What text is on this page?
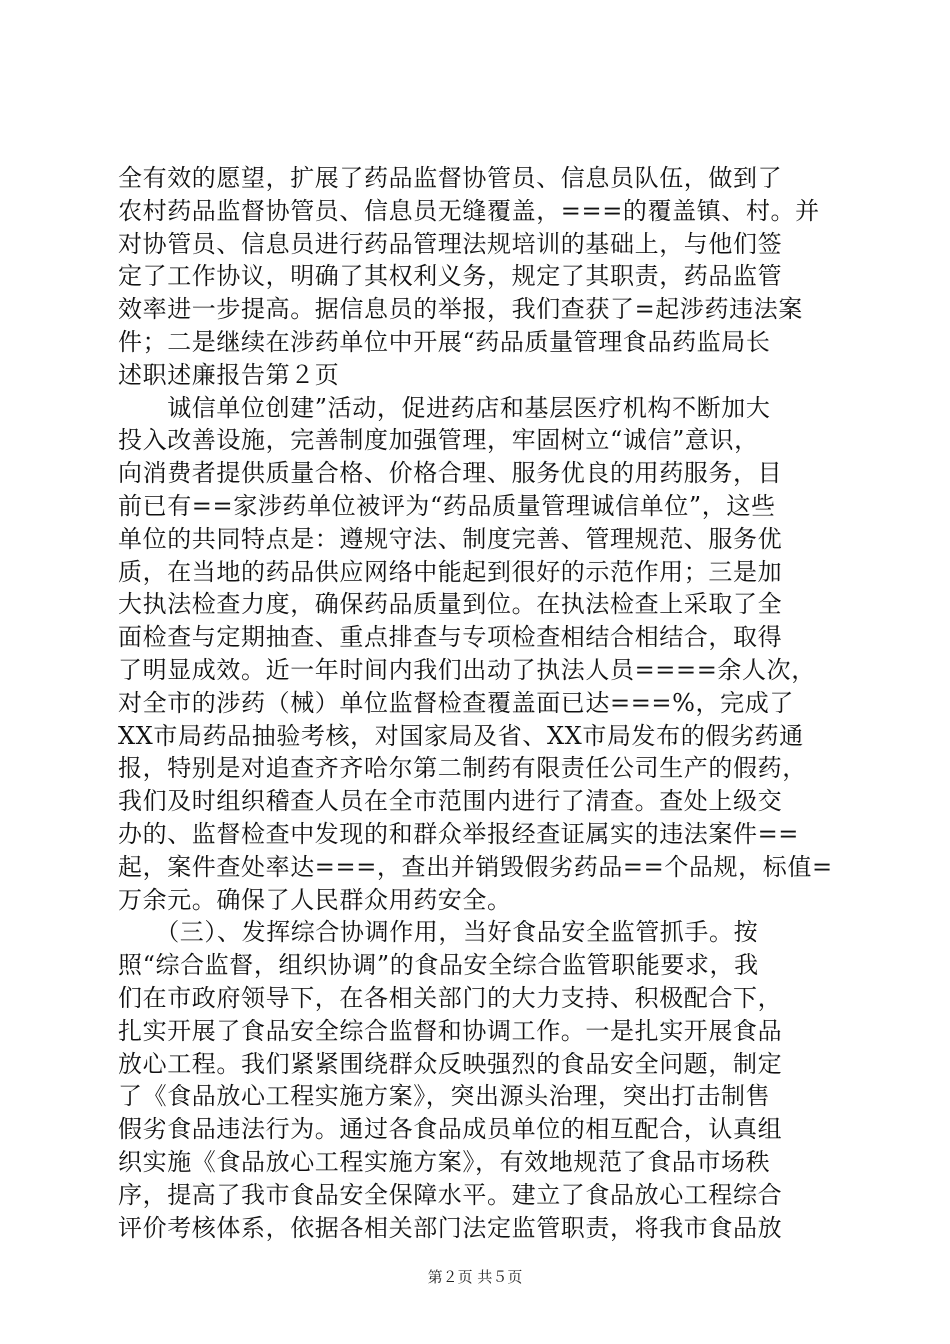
全有效的愿望，扩展了药品监督协管员、信息员队伍，做到了
农村药品监督协管员、信息员无缝覆盖，===的覆盖镇、村。并
对协管员、信息员进行药品管理法规培训的基础上，与他们签
定了工作协议，明确了其权利义务，规定了其职责，药品监管
效率进一步提高。据信息员的举报，我们查获了=起涉药违法案
件；二是继续在涉药单位中开展“药品质量管理食品药监局长
述职述廉报告第２页
　　诚信单位创建”活动，促进药店和基层医疗机构不断加大
投入改善设施，完善制度加强管理，牢固树立“诚信”意识，
向消费者提供质量合格、价格合理、服务优良的用药服务，目
前已有==家涉药单位被评为“药品质量管理诚信单位”，这些
单位的共同特点是：遵规守法、制度完善、管理规范、服务优
质，在当地的药品供应网络中能起到很好的示范作用；三是加
大执法检查力度，确保药品质量到位。在执法检查上采取了全
面检查与定期抽查、重点排查与专项检查相结合相结合，取得
了明显成效。近一年时间内我们出动了执法人员====余人次，
对全市的涉药（械）单位监督检查覆盖面已达===%，完成了
XX市局药品抽验考核，对国家局及省、XX市局发布的假劣药通
报，特别是对追查齐齐哈尔第二制药有限责任公司生产的假药，
我们及时组织稽查人员在全市范围内进行了清查。查处上级交
办的、监督检查中发现的和群众举报经查证属实的违法案件==
起，案件查处率达===，查出并销毁假劣药品==个品规，标值=
万余元。确保了人民群众用药安全。
　　（三）、发挥综合协调作用，当好食品安全监管抓手。按
照“综合监督，组织协调”的食品安全综合监管职能要求，我
们在市政府领导下，在各相关部门的大力支持、积极配合下，
扎实开展了食品安全综合监督和协调工作。一是扎实开展食品
放心工程。我们紧紧围绕群众反映强烈的食品安全问题，制定
了《食品放心工程实施方案》，突出源头治理，突出打击制售
假劣食品违法行为。通过各食品成员单位的相互配合，认真组
织实施《食品放心工程实施方案》，有效地规范了食品市场秩
序，提高了我市食品安全保障水平。建立了食品放心工程综合
评价考核体系，依据各相关部门法定监管职责，将我市食品放
第２页 共５页
